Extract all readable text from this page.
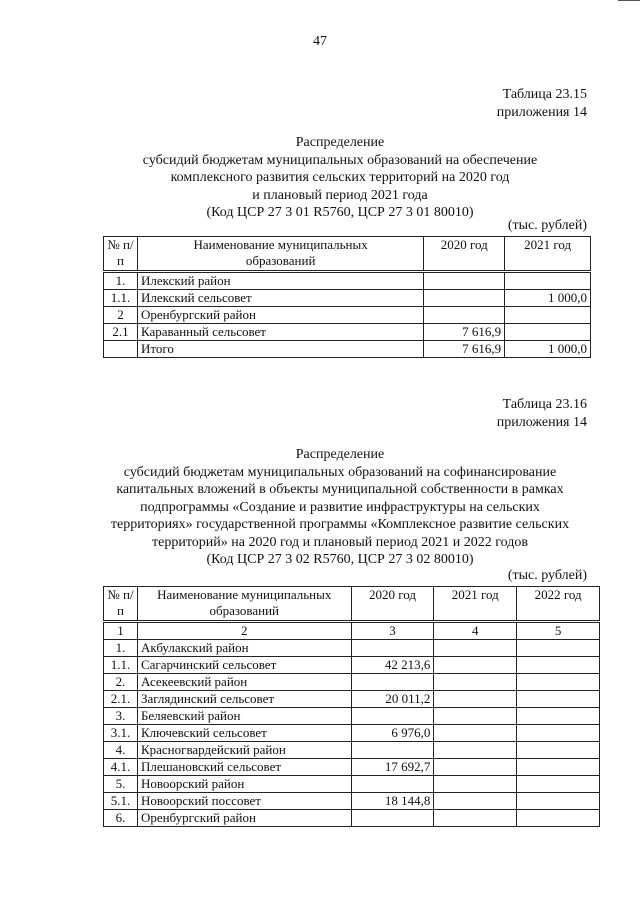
47
Таблица 23.15
приложения 14
Распределение
субсидий бюджетам муниципальных образований на обеспечение
комплексного развития сельских территорий на 2020 год
и плановый период 2021 года
(Код ЦСР 27 3 01 R5760, ЦСР 27 3 01 80010)
(тыс. рублей)
№ п/п	Наименование муниципальных образований	2020 год	2021 год
1.	Илекский район		
1.1.	Илекский сельсовет		1 000,0
2	Оренбургский район		
2.1	Караванный сельсовет	7 616,9	
	Итого	7 616,9	1 000,0
Таблица 23.16
приложения 14
Распределение
субсидий бюджетам муниципальных образований на софинансирование
капитальных вложений в объекты муниципальной собственности в рамках
подпрограммы «Создание и развитие инфраструктуры на сельских
территориях» государственной программы «Комплексное развитие сельских
территорий» на 2020 год и плановый период 2021 и 2022 годов
(Код ЦСР 27 3 02 R5760, ЦСР 27 3 02 80010)
(тыс. рублей)
№ п/п	Наименование муниципальных образований	2020 год	2021 год	2022 год
1	2	3	4	5
1.	Акбулакский район			
1.1.	Сагарчинский сельсовет	42 213,6		
2.	Асекеевский район			
2.1.	Заглядинский сельсовет	20 011,2		
3.	Беляевский район			
3.1.	Ключевский сельсовет	6 976,0		
4.	Красногвардейский район			
4.1.	Плешановский сельсовет	17 692,7		
5.	Новоорский район			
5.1.	Новоорский поссовет	18 144,8		
6.	Оренбургский район			
